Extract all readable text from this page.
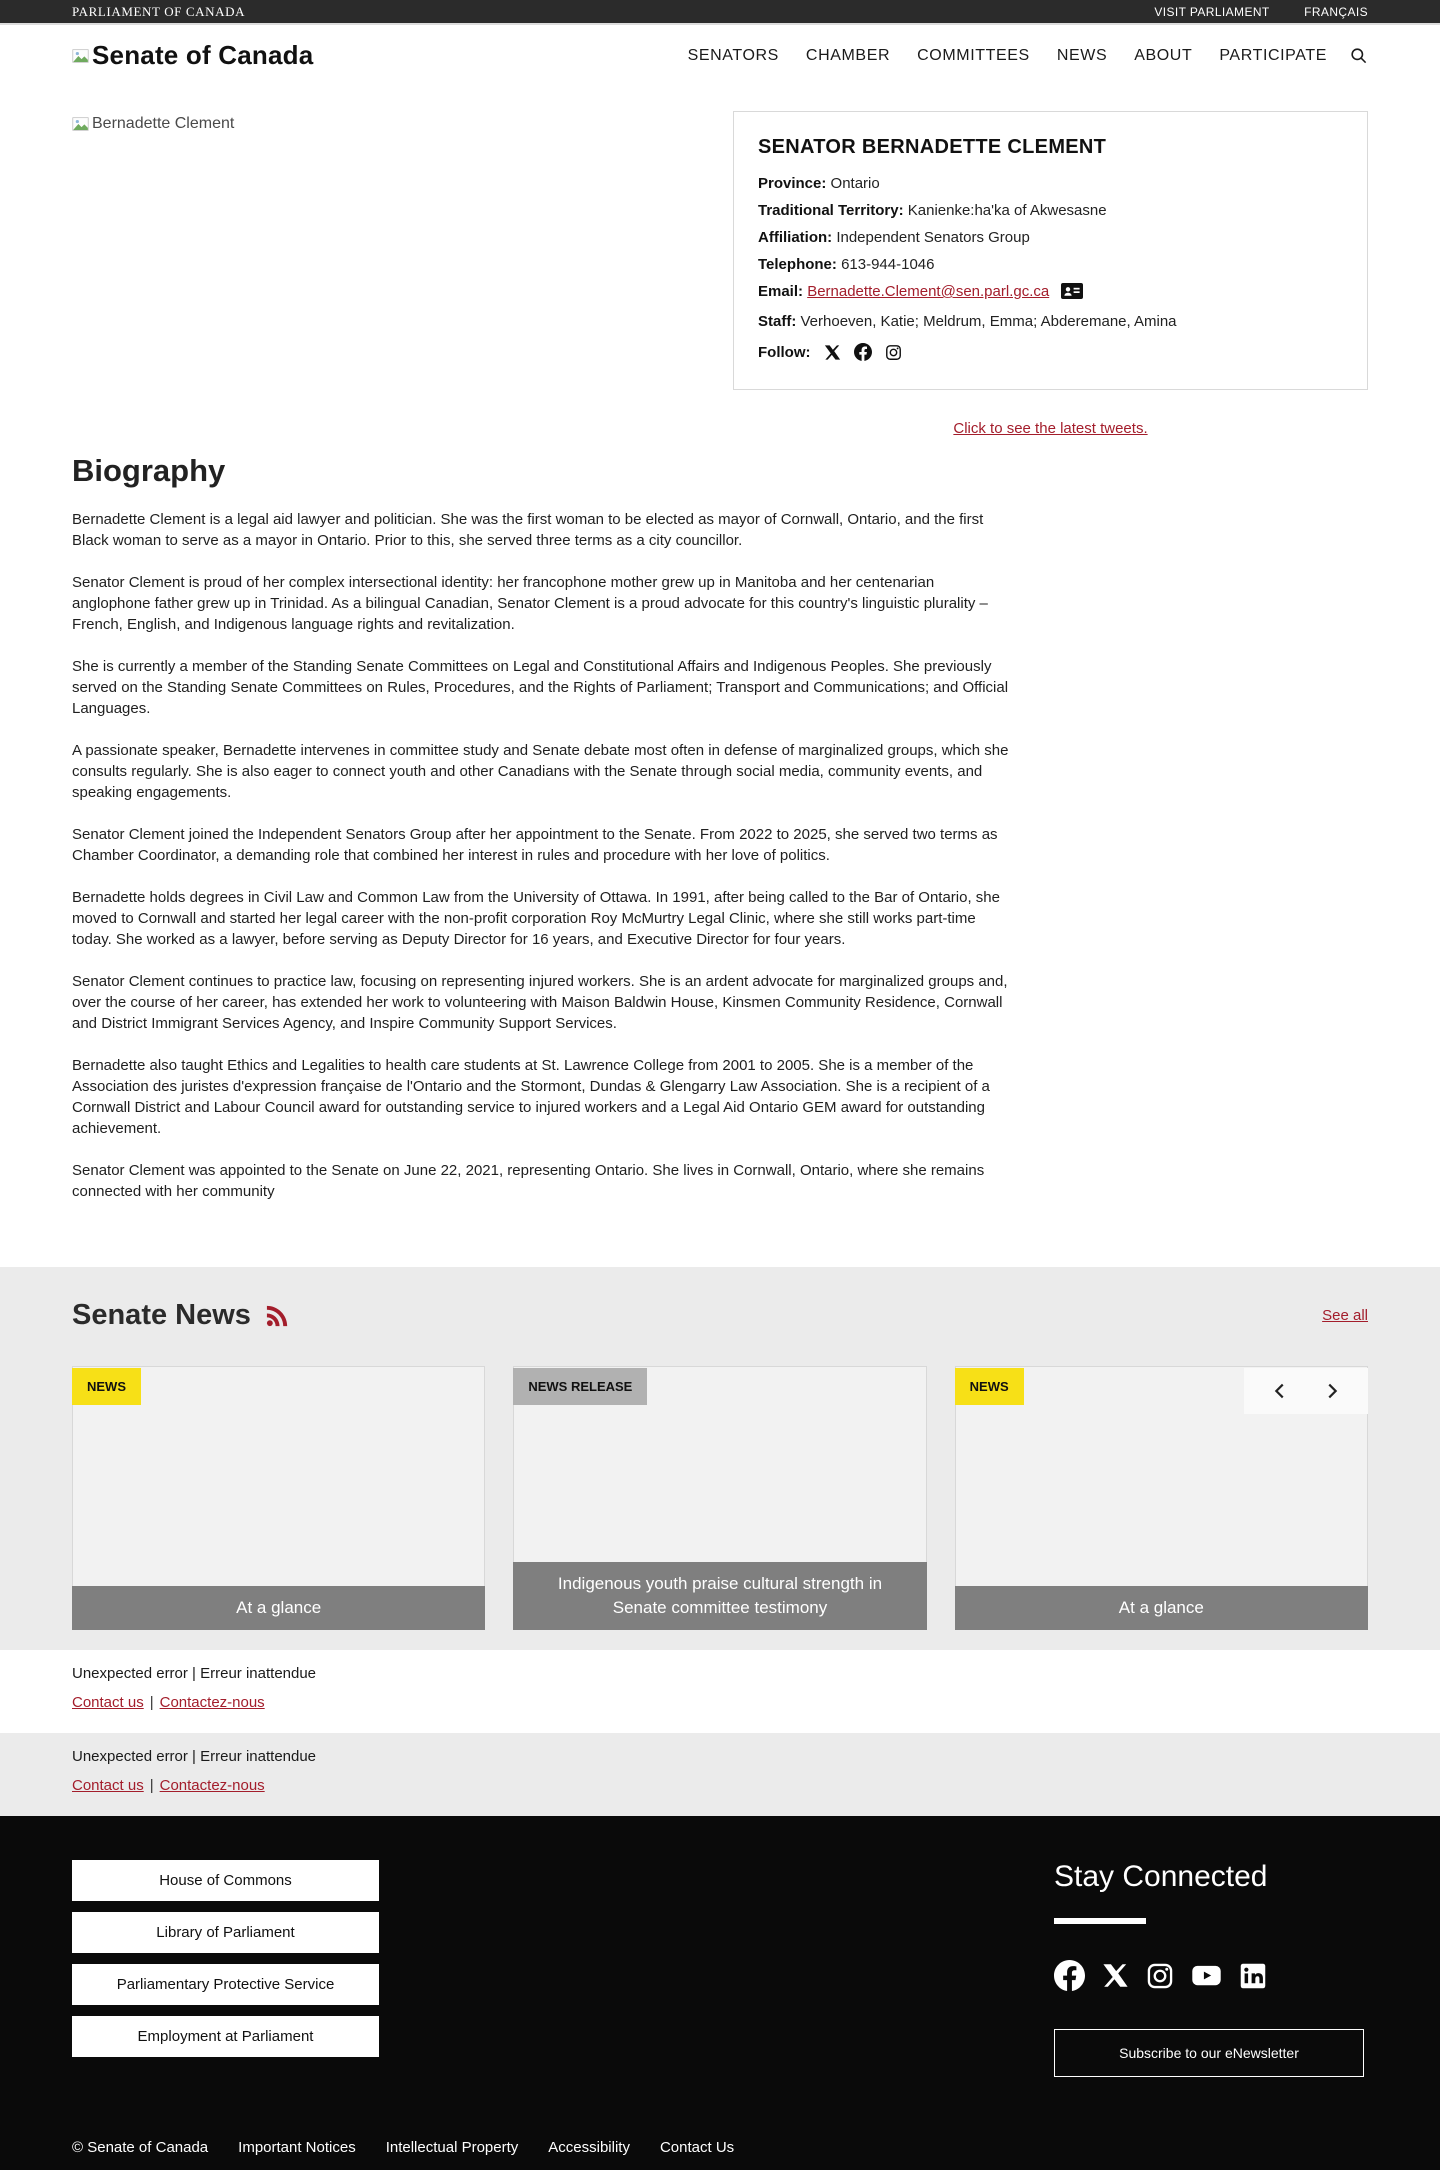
PARLIAMENT OF CANADA	VISIT PARLIAMENT	FRANÇAIS
Senate of Canada	SENATORS CHAMBER COMMITTEES NEWS ABOUT PARTICIPATE
Bernadette Clement
SENATOR BERNADETTE CLEMENT
Province: Ontario
Traditional Territory: Kanienke:ha'ka of Akwesasne
Affiliation: Independent Senators Group
Telephone: 613-944-1046
Email: Bernadette.Clement@sen.parl.gc.ca
Staff: Verhoeven, Katie; Meldrum, Emma; Abderemane, Amina
Follow:
Click to see the latest tweets.
Biography

Bernadette Clement is a legal aid lawyer and politician. She was the first woman to be elected as mayor of Cornwall, Ontario, and the first Black woman to serve as a mayor in Ontario. Prior to this, she served three terms as a city councillor.

Senator Clement is proud of her complex intersectional identity: her francophone mother grew up in Manitoba and her centenarian anglophone father grew up in Trinidad. As a bilingual Canadian, Senator Clement is a proud advocate for this country's linguistic plurality – French, English, and Indigenous language rights and revitalization.

She is currently a member of the Standing Senate Committees on Legal and Constitutional Affairs and Indigenous Peoples. She previously served on the Standing Senate Committees on Rules, Procedures, and the Rights of Parliament; Transport and Communications; and Official Languages.

A passionate speaker, Bernadette intervenes in committee study and Senate debate most often in defense of marginalized groups, which she consults regularly. She is also eager to connect youth and other Canadians with the Senate through social media, community events, and speaking engagements.

Senator Clement joined the Independent Senators Group after her appointment to the Senate. From 2022 to 2025, she served two terms as Chamber Coordinator, a demanding role that combined her interest in rules and procedure with her love of politics.

Bernadette holds degrees in Civil Law and Common Law from the University of Ottawa. In 1991, after being called to the Bar of Ontario, she moved to Cornwall and started her legal career with the non-profit corporation Roy McMurtry Legal Clinic, where she still works part-time today. She worked as a lawyer, before serving as Deputy Director for 16 years, and Executive Director for four years.

Senator Clement continues to practice law, focusing on representing injured workers. She is an ardent advocate for marginalized groups and, over the course of her career, has extended her work to volunteering with Maison Baldwin House, Kinsmen Community Residence, Cornwall and District Immigrant Services Agency, and Inspire Community Support Services.

Bernadette also taught Ethics and Legalities to health care students at St. Lawrence College from 2001 to 2005. She is a member of the Association des juristes d'expression française de l'Ontario and the Stormont, Dundas & Glengarry Law Association. She is a recipient of a Cornwall District and Labour Council award for outstanding service to injured workers and a Legal Aid Ontario GEM award for outstanding achievement.

Senator Clement was appointed to the Senate on June 22, 2021, representing Ontario. She lives in Cornwall, Ontario, where she remains connected with her community

Senate News	See all
NEWS
At a glance
NEWS RELEASE
Indigenous youth praise cultural strength in Senate committee testimony
NEWS
At a glance
Unexpected error | Erreur inattendue
Contact us | Contactez-nous
Unexpected error | Erreur inattendue
Contact us | Contactez-nous
House of Commons
Library of Parliament
Parliamentary Protective Service
Employment at Parliament
Stay Connected
Subscribe to our eNewsletter
© Senate of Canada Important Notices Intellectual Property Accessibility Contact Us
